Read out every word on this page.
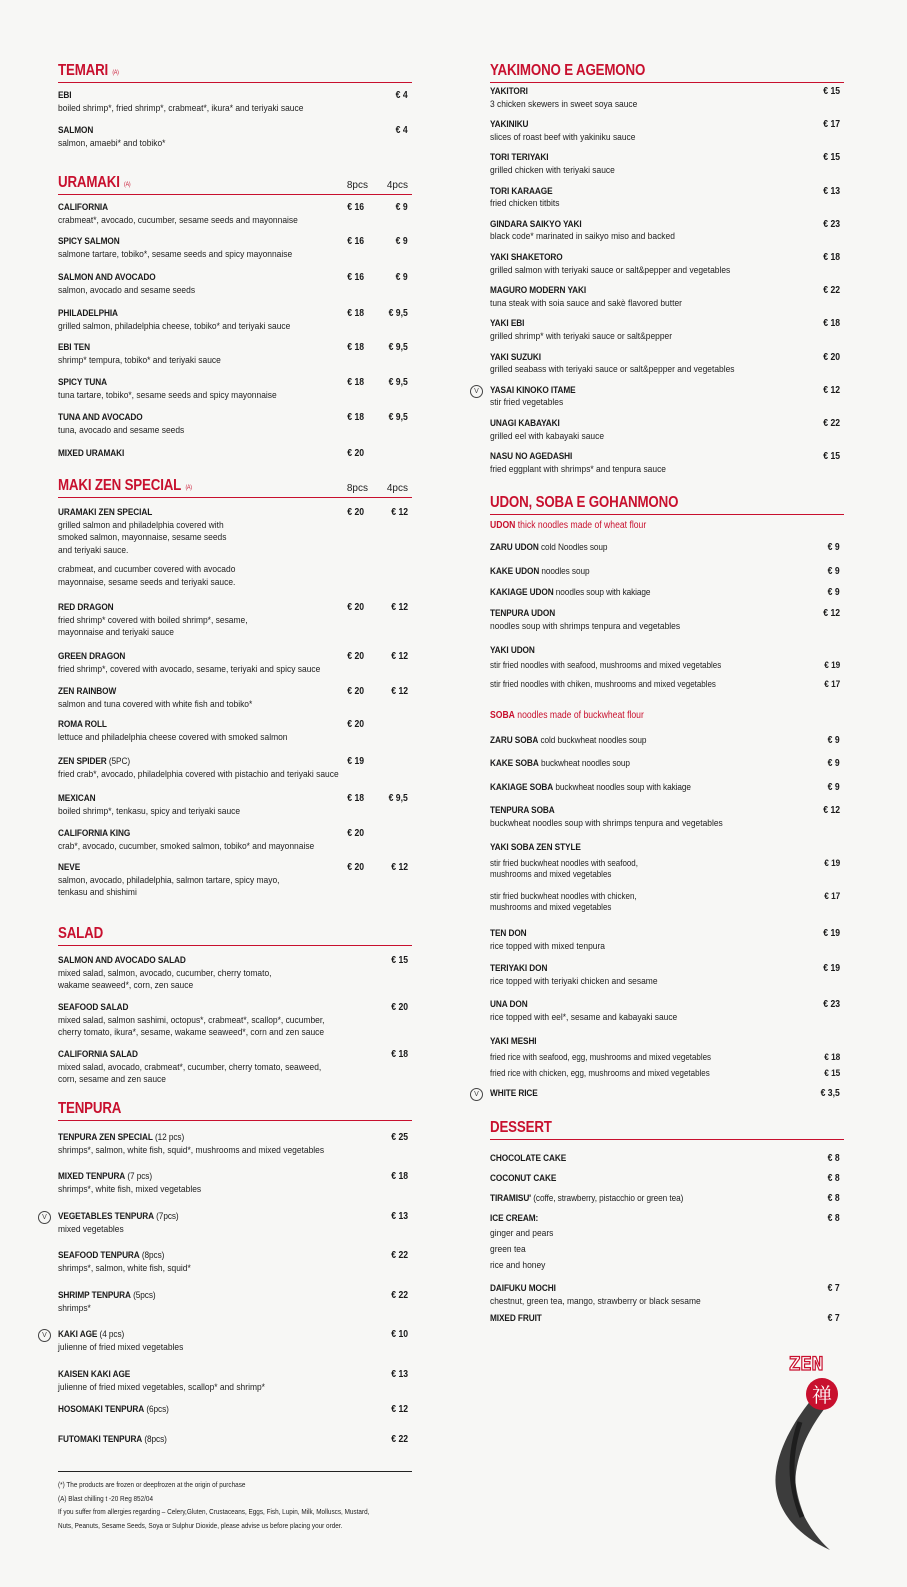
TEMARI (A)
EBI
boiled shrimp*, fried shrimp*, crabmeat*, ikura* and teriyaki sauce
€ 4
SALMON
salmon, amaebi* and tobiko*
€ 4
URAMAKI (A)	8pcs 4pcs
CALIFORNIA
crabmeat*, avocado, cucumber, sesame seeds and mayonnaise
€ 16	€ 9
SPICY SALMON
salmone tartare, tobiko*, sesame seeds and spicy mayonnaise
€ 16	€ 9
SALMON AND AVOCADO
salmon, avocado and sesame seeds
€ 16	€ 9
PHILADELPHIA
grilled salmon, philadelphia cheese, tobiko* and teriyaki sauce
€ 18	€ 9,5
EBI TEN
shrimp* tempura, tobiko* and teriyaki sauce
€ 18	€ 9,5
SPICY TUNA
tuna tartare, tobiko*, sesame seeds and spicy mayonnaise
€ 18	€ 9,5
TUNA AND AVOCADO
tuna, avocado and sesame seeds
€ 18	€ 9,5
MIXED URAMAKI	€ 20
MAKI ZEN SPECIAL (A)	8pcs 4pcs
URAMAKI ZEN SPECIAL
grilled salmon and philadelphia covered with
smoked salmon, mayonnaise, sesame seeds
and teriyaki sauce.
€ 20	€ 12
crabmeat, and cucumber covered with avocado
mayonnaise, sesame seeds and teriyaki sauce.
RED DRAGON
fried shrimp* covered with boiled shrimp*, sesame,
mayonnaise and teriyaki sauce
€ 20	€ 12
GREEN DRAGON
fried shrimp*, covered with avocado, sesame, teriyaki and spicy sauce
€ 20	€ 12
ZEN RAINBOW
salmon and tuna covered with white fish and tobiko*
€ 20	€ 12
ROMA ROLL
lettuce and philadelphia cheese covered with smoked salmon
€ 20
ZEN SPIDER (5PC)
fried crab*, avocado, philadelphia covered with pistachio and teriyaki sauce
€ 19
MEXICAN
boiled shrimp*, tenkasu, spicy and teriyaki sauce
€ 18	€ 9,5
CALIFORNIA KING
crab*, avocado, cucumber, smoked salmon, tobiko* and mayonnaise
€ 20
NEVE
salmon, avocado, philadelphia, salmon tartare, spicy mayo,
tenkasu and shishimi
€ 20	€ 12
SALAD
SALMON AND AVOCADO SALAD
mixed salad, salmon, avocado, cucumber, cherry tomato,
wakame seaweed*, corn, zen sauce
€ 15
SEAFOOD SALAD
mixed salad, salmon sashimi, octopus*, crabmeat*, scallop*, cucumber,
cherry tomato, ikura*, sesame, wakame seaweed*, corn and zen sauce
€ 20
CALIFORNIA SALAD
mixed salad, avocado, crabmeat*, cucumber, cherry tomato, seaweed,
corn, sesame and zen sauce
€ 18
TENPURA
TENPURA ZEN SPECIAL (12 pcs)
shrimps*, salmon, white fish, squid*, mushrooms and mixed vegetables
€ 25
MIXED TENPURA (7 pcs)
shrimps*, white fish, mixed vegetables
€ 18
VEGETABLES TENPURA (7pcs)
mixed vegetables
€ 13
V
SEAFOOD TENPURA (8pcs)
shrimps*, salmon, white fish, squid*
€ 22
SHRIMP TENPURA (5pcs)
shrimps*
€ 22
KAKI AGE (4 pcs)
julienne of fried mixed vegetables
€ 10
V
KAISEN KAKI AGE
julienne of fried mixed vegetables, scallop* and shrimp*
€ 13
HOSOMAKI TENPURA (6pcs)	€ 12
FUTOMAKI TENPURA (8pcs)	€ 22
YAKIMONO E AGEMONO
YAKITORI
3 chicken skewers in sweet soya sauce
€ 15
YAKINIKU
slices of roast beef with yakiniku sauce
€ 17
TORI TERIYAKI
grilled chicken with teriyaki sauce
€ 15
TORI KARAAGE
fried chicken titbits
€ 13
GINDARA SAIKYO YAKI
black code* marinated in saikyo miso and backed
€ 23
YAKI SHAKETORO
grilled salmon with teriyaki sauce or salt&pepper and vegetables
€ 18
MAGURO MODERN YAKI
tuna steak with soia sauce and sakè flavored butter
€ 22
YAKI EBI
grilled shrimp* with teriyaki sauce or salt&pepper
€ 18
YAKI SUZUKI
grilled seabass with teriyaki sauce or salt&pepper and vegetables
€ 20
YASAI KINOKO ITAME
stir fried vegetables
€ 12
V
UNAGI KABAYAKI
grilled eel with kabayaki sauce
€ 22
NASU NO AGEDASHI
fried eggplant with shrimps* and tenpura sauce
€ 15
UDON, SOBA E GOHANMONO
UDON thick noodles made of wheat flour
ZARU UDON cold Noodles soup	€ 9
KAKE UDON noodles soup	€ 9
KAKIAGE UDON noodles soup with kakiage	€ 9
TENPURA UDON
noodles soup with shrimps tenpura and vegetables
€ 12
YAKI UDON
stir fried noodles with seafood, mushrooms and mixed vegetables	€ 19
stir fried noodles with chiken, mushrooms and mixed vegetables	€ 17
SOBA noodles made of buckwheat flour
ZARU SOBA cold buckwheat noodles soup	€ 9
KAKE SOBA buckwheat noodles soup	€ 9
KAKIAGE SOBA buckwheat noodles soup with kakiage	€ 9
TENPURA SOBA
buckwheat noodles soup with shrimps tenpura and vegetables
€ 12
YAKI SOBA ZEN STYLE
stir fried buckwheat noodles with seafood,
mushrooms and mixed vegetables
€ 19
stir fried buckwheat noodles with chicken,
mushrooms and mixed vegetables
€ 17
TEN DON
rice topped with mixed tenpura
€ 19
TERIYAKI DON
rice topped with teriyaki chicken and sesame
€ 19
UNA DON
rice topped with eel*, sesame and kabayaki sauce
€ 23
YAKI MESHI
fried rice with seafood, egg, mushrooms and mixed vegetables	€ 18
fried rice with chicken, egg, mushrooms and mixed vegetables	€ 15
WHITE RICE	€ 3,5
V
DESSERT
CHOCOLATE CAKE	€ 8
COCONUT CAKE	€ 8
TIRAMISU' (coffe, strawberry, pistacchio or green tea)	€ 8
ICE CREAM:
ginger and pears
green tea
rice and honey
€ 8
DAIFUKU MOCHI
chestnut, green tea, mango, strawberry or black sesame
€ 7
MIXED FRUIT	€ 7
(*) The products are frozen or deepfrozen at the origin of purchase
(A) Blast chilling t -20 Reg 852/04
If you suffer from allergies regarding – Celery,Gluten, Crustaceans, Eggs, Fish, Lupin, Milk, Molluscs, Mustard,
Nuts, Peanuts, Sesame Seeds, Soya or Sulphur Dioxide, please advise us before placing your order.
ZEN
禅
